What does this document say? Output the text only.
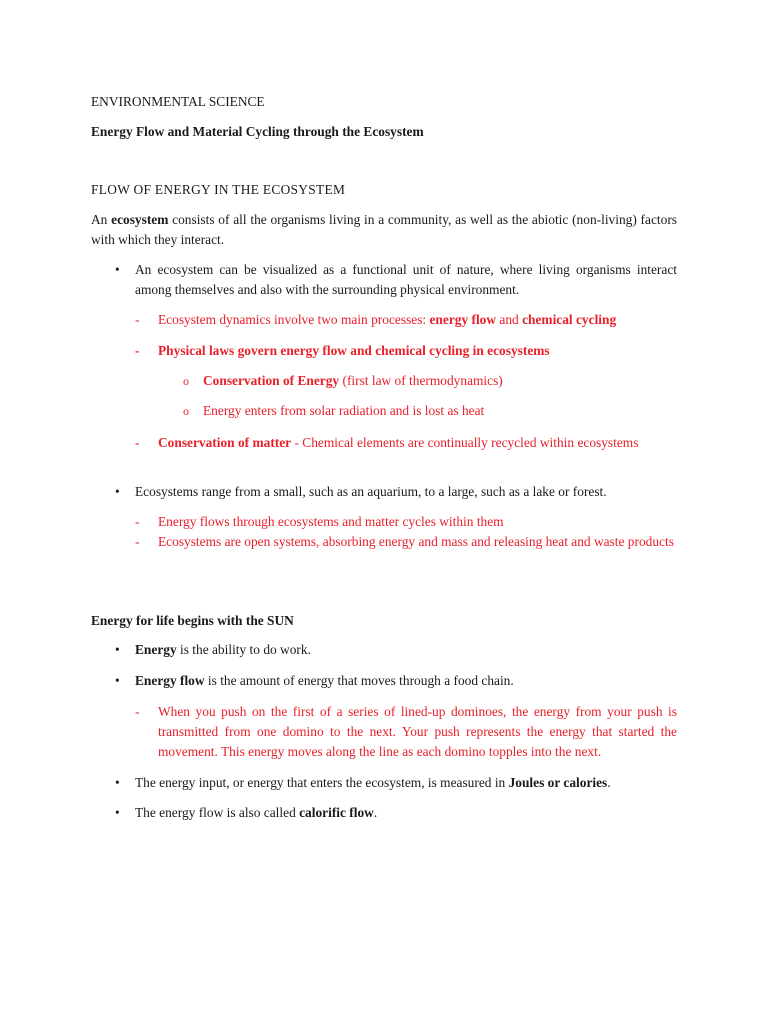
ENVIRONMENTAL SCIENCE
Energy Flow and Material Cycling through the Ecosystem
FLOW OF ENERGY IN THE ECOSYSTEM
An ecosystem consists of all the organisms living in a community, as well as the abiotic (non-living) factors with which they interact.
•	An ecosystem can be visualized as a functional unit of nature, where living organisms interact among themselves and also with the surrounding physical environment.
-	Ecosystem dynamics involve two main processes: energy flow and chemical cycling
-	Physical laws govern energy flow and chemical cycling in ecosystems
o Conservation of Energy (first law of thermodynamics)
o Energy enters from solar radiation and is lost as heat
-	Conservation of matter - Chemical elements are continually recycled within ecosystems
•	Ecosystems range from a small, such as an aquarium, to a large, such as a lake or forest.
-	Energy flows through ecosystems and matter cycles within them
-	Ecosystems are open systems, absorbing energy and mass and releasing heat and waste products
Energy for life begins with the SUN
•	Energy is the ability to do work.
•	Energy flow is the amount of energy that moves through a food chain.
-	When you push on the first of a series of lined-up dominoes, the energy from your push is transmitted from one domino to the next. Your push represents the energy that started the movement. This energy moves along the line as each domino topples into the next.
•	The energy input, or energy that enters the ecosystem, is measured in Joules or calories.
•	The energy flow is also called calorific flow.
